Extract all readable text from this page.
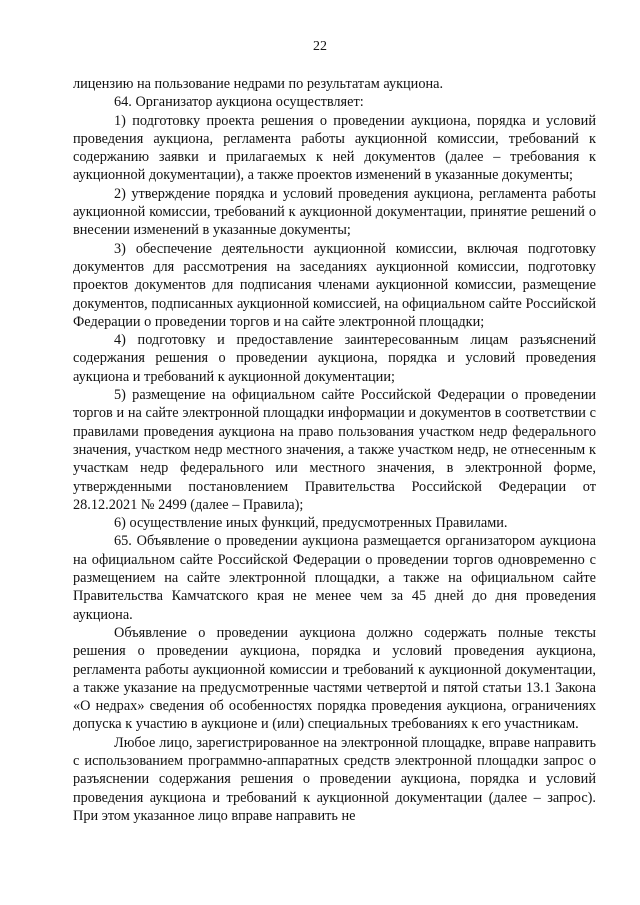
22

лицензию на пользование недрами по результатам аукциона.

64. Организатор аукциона осуществляет:

1) подготовку проекта решения о проведении аукциона, порядка и условий проведения аукциона, регламента работы аукционной комиссии, требований к содержанию заявки и прилагаемых к ней документов (далее – требования к аукционной документации), а также проектов изменений в указанные документы;

2) утверждение порядка и условий проведения аукциона, регламента работы аукционной комиссии, требований к аукционной документации, принятие решений о внесении изменений в указанные документы;

3) обеспечение деятельности аукционной комиссии, включая подготовку документов для рассмотрения на заседаниях аукционной комиссии, подготовку проектов документов для подписания членами аукционной комиссии, размещение документов, подписанных аукционной комиссией, на официальном сайте Российской Федерации о проведении торгов и на сайте электронной площадки;

4) подготовку и предоставление заинтересованным лицам разъяснений содержания решения о проведении аукциона, порядка и условий проведения аукциона и требований к аукционной документации;

5) размещение на официальном сайте Российской Федерации о проведении торгов и на сайте электронной площадки информации и документов в соответствии с правилами проведения аукциона на право пользования участком недр федерального значения, участком недр местного значения, а также участком недр, не отнесенным к участкам недр федерального или местного значения, в электронной форме, утвержденными постановлением Правительства Российской Федерации от 28.12.2021 № 2499 (далее – Правила);

6) осуществление иных функций, предусмотренных Правилами.

65. Объявление о проведении аукциона размещается организатором аукциона на официальном сайте Российской Федерации о проведении торгов одновременно с размещением на сайте электронной площадки, а также на официальном сайте Правительства Камчатского края не менее чем за 45 дней до дня проведения аукциона.

Объявление о проведении аукциона должно содержать полные тексты решения о проведении аукциона, порядка и условий проведения аукциона, регламента работы аукционной комиссии и требований к аукционной документации, а также указание на предусмотренные частями четвертой и пятой статьи 13.1 Закона «О недрах» сведения об особенностях порядка проведения аукциона, ограничениях допуска к участию в аукционе и (или) специальных требованиях к его участникам.

Любое лицо, зарегистрированное на электронной площадке, вправе направить с использованием программно-аппаратных средств электронной площадки запрос о разъяснении содержания решения о проведении аукциона, порядка и условий проведения аукциона и требований к аукционной документации (далее – запрос). При этом указанное лицо вправе направить не
